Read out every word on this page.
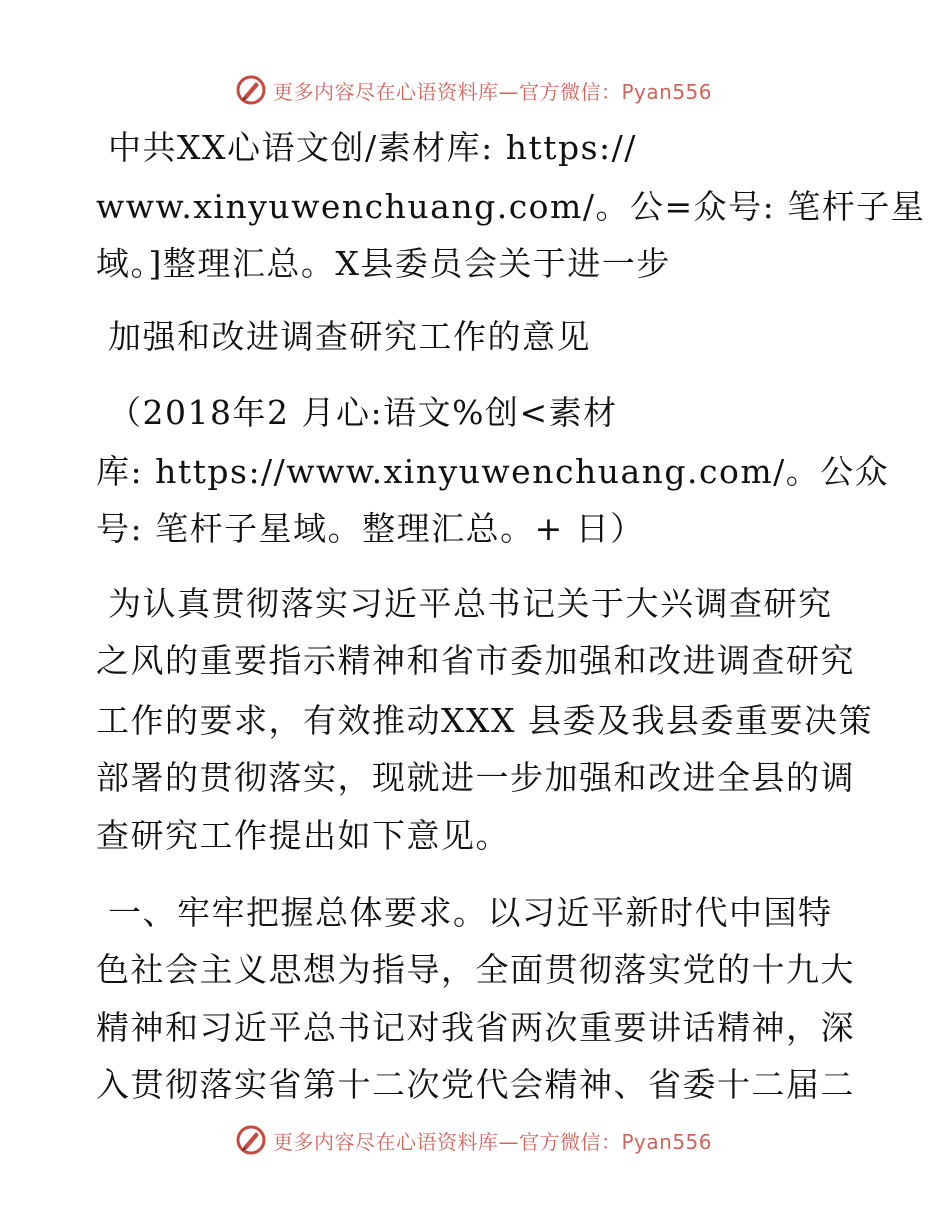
更多内容尽在心语资料库—官方微信：Pyan556
中共XX心语文创/素材库: https://
www.xinyuwenchuang.com/。公=众号: 笔杆子星
域。]整理汇总。X县委员会关于进一步
加强和改进调查研究工作的意见
（2018年2 月心:语文%创<素材
库: https://www.xinyuwenchuang.com/。公众
号: 笔杆子星域。整理汇总。+ 日）
为认真贯彻落实习近平总书记关于大兴调查研究
之风的重要指示精神和省市委加强和改进调查研究
工作的要求，有效推动XXX 县委及我县委重要决策
部署的贯彻落实，现就进一步加强和改进全县的调
查研究工作提出如下意见。
一、牢牢把握总体要求。以习近平新时代中国特
色社会主义思想为指导，全面贯彻落实党的十九大
精神和习近平总书记对我省两次重要讲话精神，深
入贯彻落实省第十二次党代会精神、省委十二届二
更多内容尽在心语资料库—官方微信：Pyan556
